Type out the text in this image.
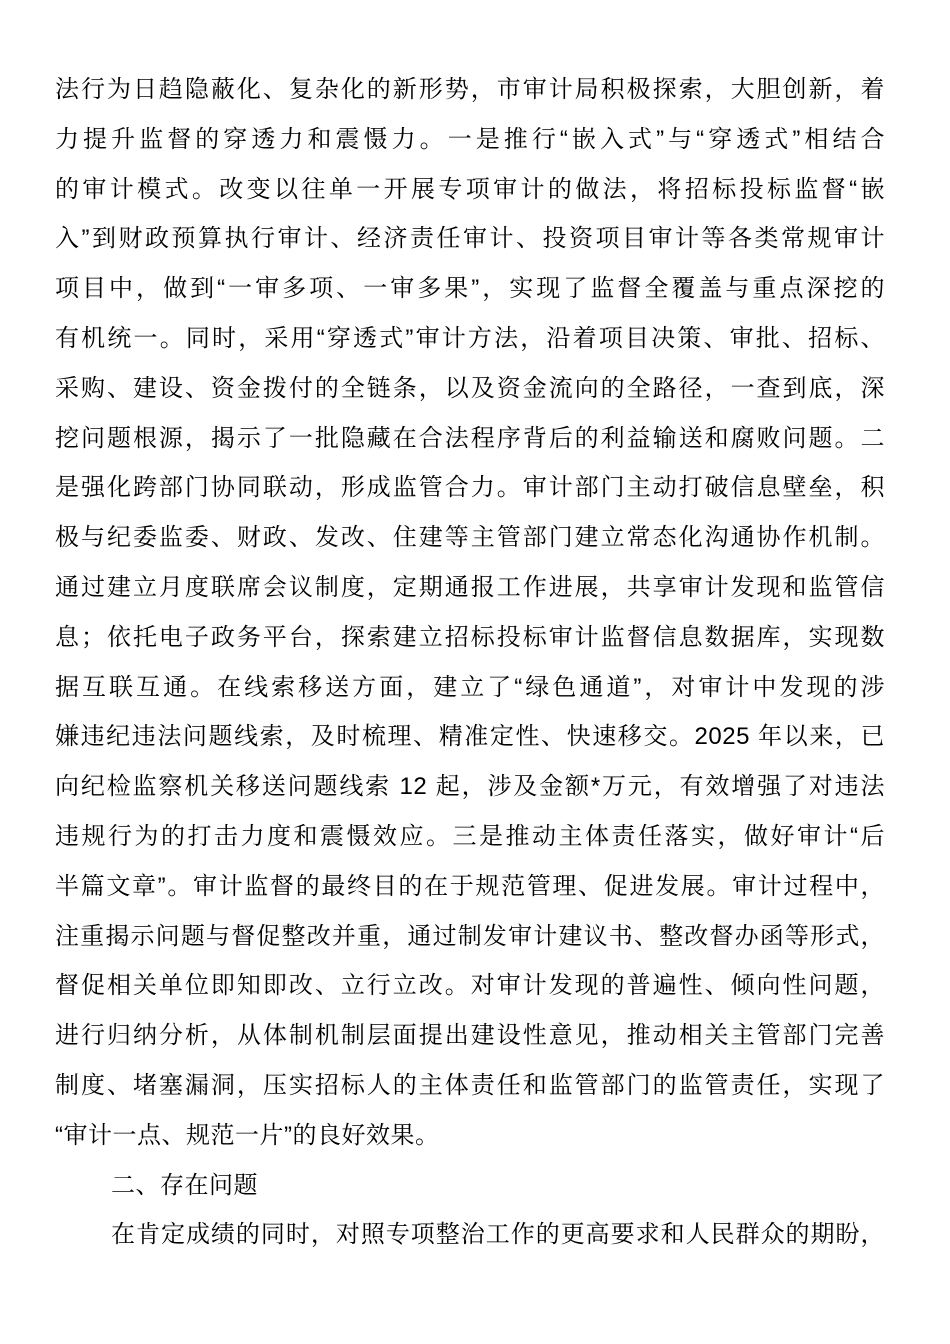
法行为日趋隐蔽化、复杂化的新形势，市审计局积极探索，大胆创新，着
力提升监督的穿透力和震慑力。一是推行“嵌入式”与“穿透式”相结合
的审计模式。改变以往单一开展专项审计的做法，将招标投标监督“嵌
入”到财政预算执行审计、经济责任审计、投资项目审计等各类常规审计
项目中，做到“一审多项、一审多果”，实现了监督全覆盖与重点深挖的
有机统一。同时，采用“穿透式”审计方法，沿着项目决策、审批、招标、
采购、建设、资金拨付的全链条，以及资金流向的全路径，一查到底，深
挖问题根源，揭示了一批隐藏在合法程序背后的利益输送和腐败问题。二
是强化跨部门协同联动，形成监管合力。审计部门主动打破信息壁垒，积
极与纪委监委、财政、发改、住建等主管部门建立常态化沟通协作机制。
通过建立月度联席会议制度，定期通报工作进展，共享审计发现和监管信
息；依托电子政务平台，探索建立招标投标审计监督信息数据库，实现数
据互联互通。在线索移送方面，建立了“绿色通道”，对审计中发现的涉
嫌违纪违法问题线索，及时梳理、精准定性、快速移交。2025 年以来，已
向纪检监察机关移送问题线索 12 起，涉及金额*万元，有效增强了对违法
违规行为的打击力度和震慑效应。三是推动主体责任落实，做好审计“后
半篇文章”。审计监督的最终目的在于规范管理、促进发展。审计过程中，
注重揭示问题与督促整改并重，通过制发审计建议书、整改督办函等形式，
督促相关单位即知即改、立行立改。对审计发现的普遍性、倾向性问题，
进行归纳分析，从体制机制层面提出建设性意见，推动相关主管部门完善
制度、堵塞漏洞，压实招标人的主体责任和监管部门的监管责任，实现了
“审计一点、规范一片”的良好效果。
二、存在问题
在肯定成绩的同时，对照专项整治工作的更高要求和人民群众的期盼，
